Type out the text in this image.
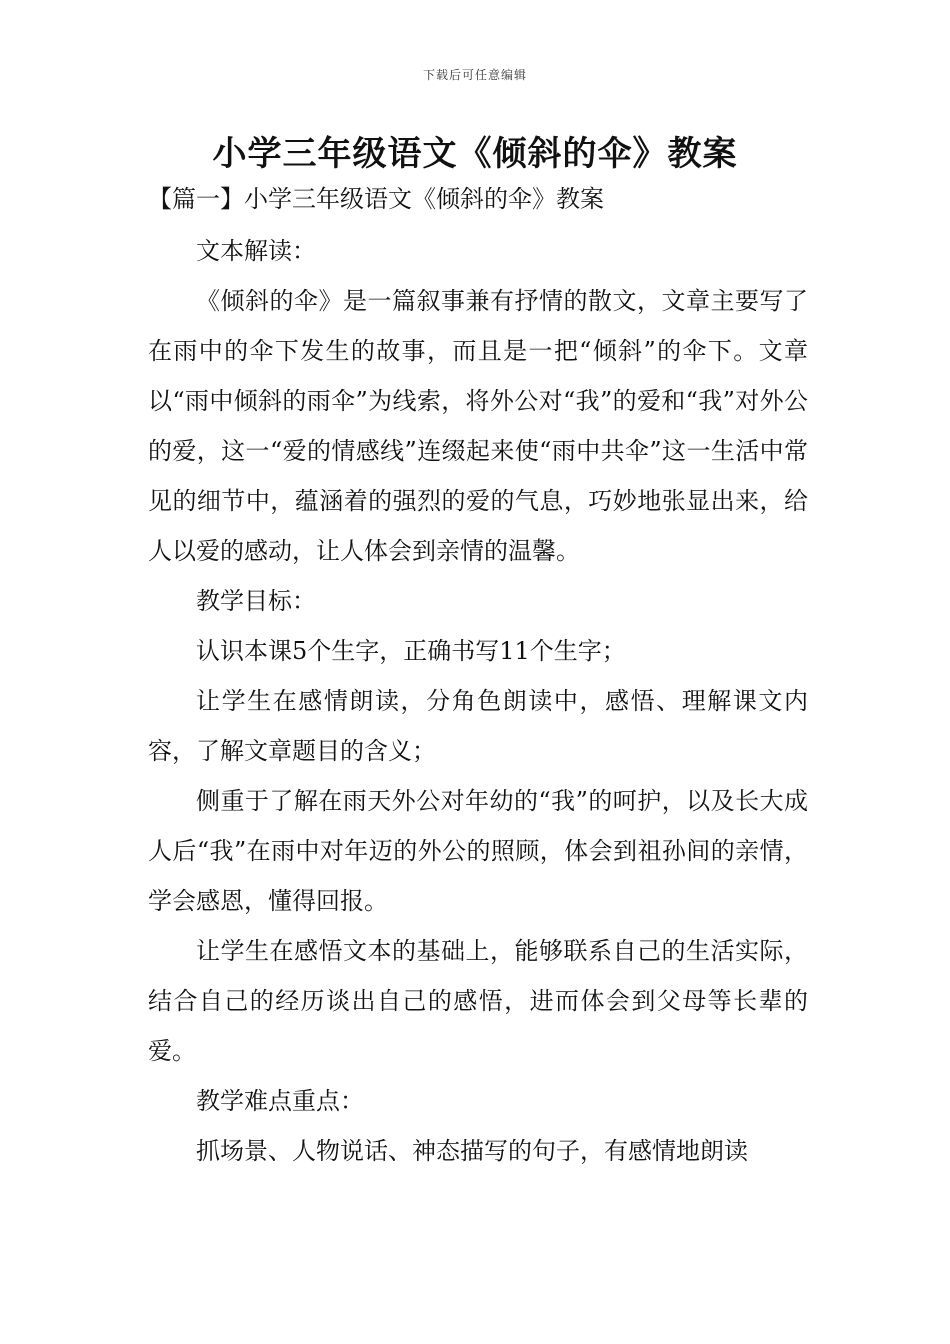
下载后可任意编辑
小学三年级语文《倾斜的伞》教案
【篇一】小学三年级语文《倾斜的伞》教案

文本解读：

《倾斜的伞》是一篇叙事兼有抒情的散文，文章主要写了在雨中的伞下发生的故事，而且是一把“倾斜”的伞下。文章以“雨中倾斜的雨伞”为线索，将外公对“我”的爱和“我”对外公的爱，这一“爱的情感线”连缀起来使“雨中共伞”这一生活中常见的细节中，蕴涵着的强烈的爱的气息，巧妙地张显出来，给人以爱的感动，让人体会到亲情的温馨。

教学目标：

认识本课5个生字，正确书写11个生字；

让学生在感情朗读，分角色朗读中，感悟、理解课文内容，了解文章题目的含义；

侧重于了解在雨天外公对年幼的“我”的呵护，以及长大成人后“我”在雨中对年迈的外公的照顾，体会到祖孙间的亲情，学会感恩，懂得回报。

让学生在感悟文本的基础上，能够联系自己的生活实际，结合自己的经历谈出自己的感悟，进而体会到父母等长辈的爱。

教学难点重点：

抓场景、人物说话、神态描写的句子，有感情地朗读
